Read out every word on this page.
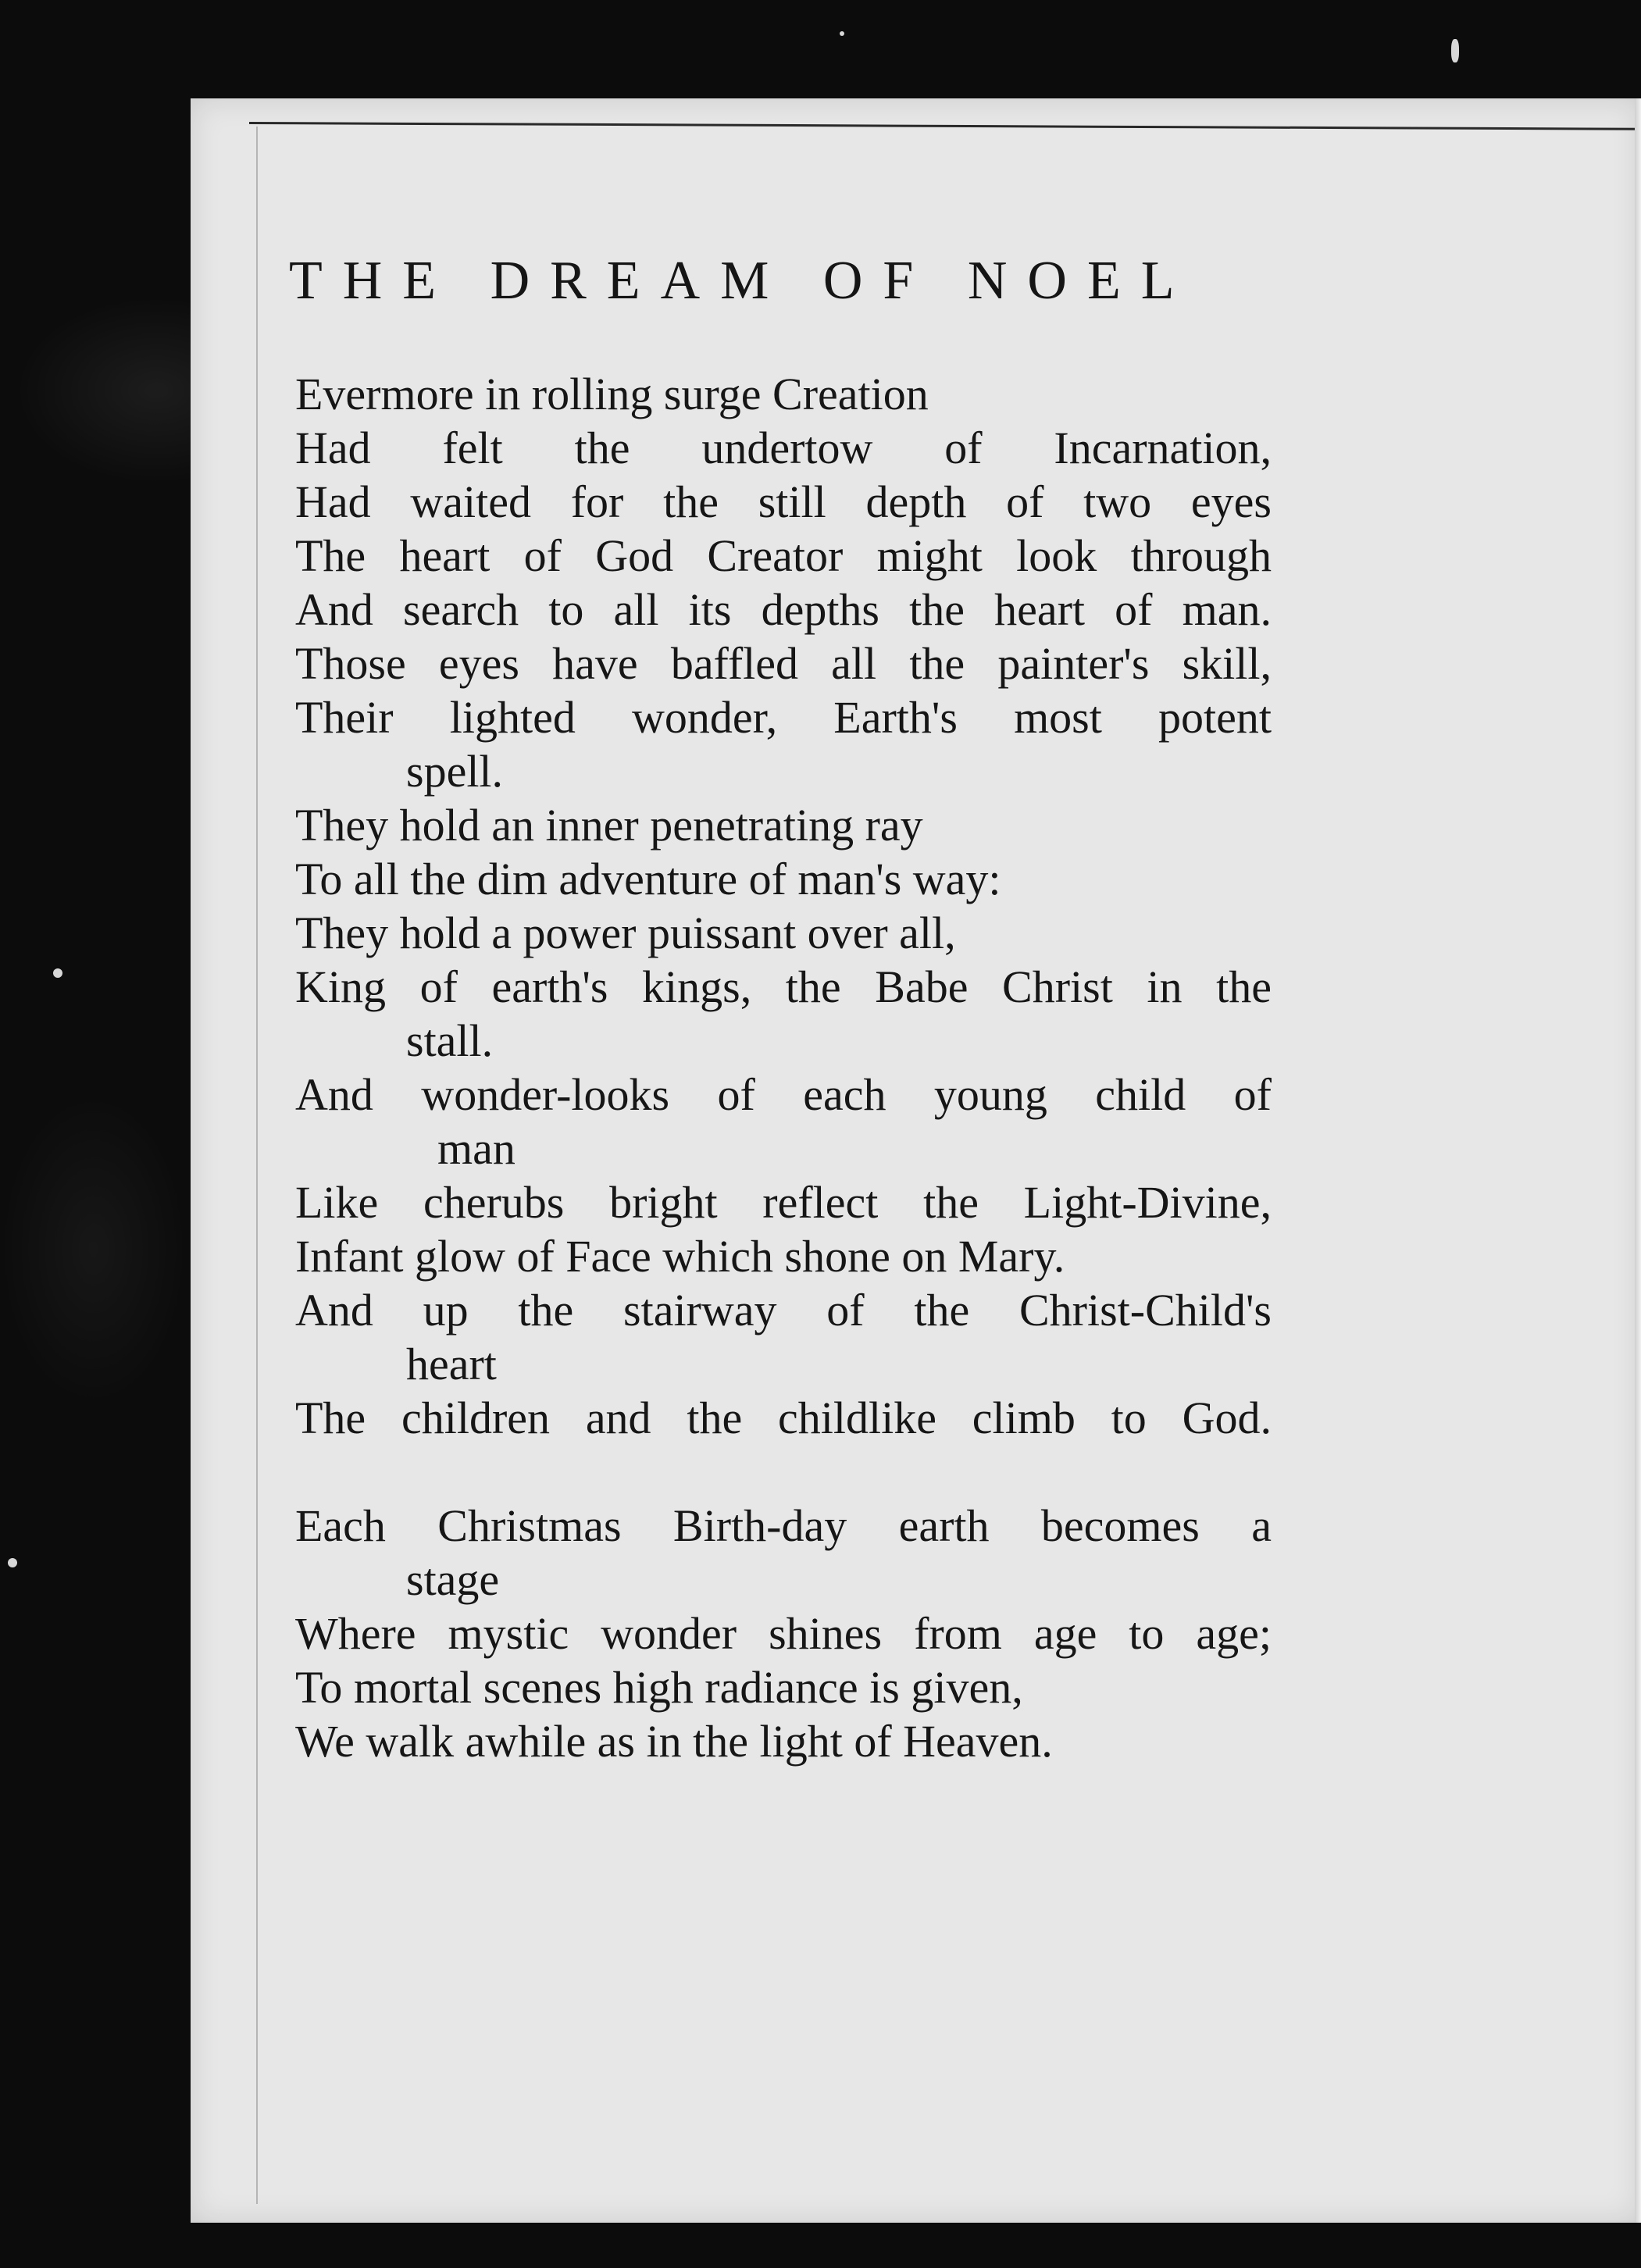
THE DREAM OF NOEL
Evermore in rolling surge Creation
Had felt the undertow of Incarnation,
Had waited for the still depth of two eyes
The heart of God Creator might look through
And search to all its depths the heart of man.
Those eyes have baffled all the painter's skill,
Their lighted wonder, Earth's most potent
spell.
They hold an inner penetrating ray
To all the dim adventure of man's way:
They hold a power puissant over all,
King of earth's kings, the Babe Christ in the
stall.
And wonder-looks of each young child of
man
Like cherubs bright reflect the Light-Divine,
Infant glow of Face which shone on Mary.
And up the stairway of the Christ-Child's
heart
The children and the childlike climb to God.
Each Christmas Birth-day earth becomes a
stage
Where mystic wonder shines from age to age;
To mortal scenes high radiance is given,
We walk awhile as in the light of Heaven.
